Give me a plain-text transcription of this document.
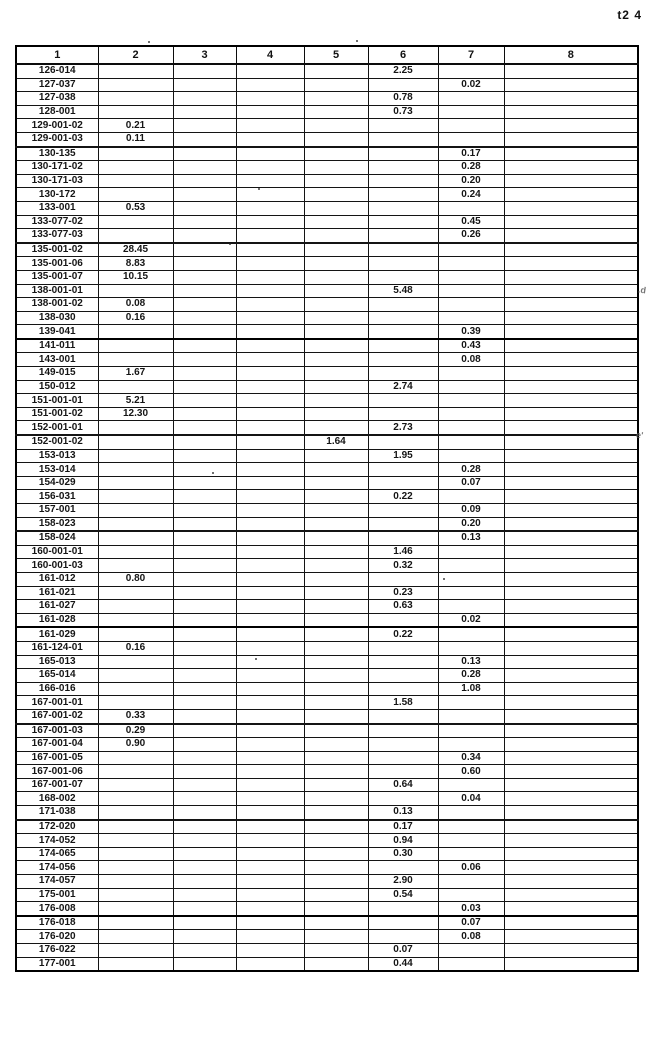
t2 4
1	2	3	4	5	6	7	8
126-014					2.25		
127-037						0.02	
127-038					0.78		
128-001					0.73		
129-001-02	0.21						
129-001-03	0.11						
130-135						0.17	
130-171-02						0.28	
130-171-03						0.20	
130-172						0.24	
133-001	0.53						
133-077-02						0.45	
133-077-03						0.26	
135-001-02	28.45						
135-001-06	8.83						
135-001-07	10.15						
138-001-01					5.48		
138-001-02	0.08						
138-030	0.16						
139-041						0.39	
141-011						0.43	
143-001						0.08	
149-015	1.67						
150-012					2.74		
151-001-01	5.21						
151-001-02	12.30						
152-001-01					2.73		
152-001-02				1.64			
153-013					1.95		
153-014						0.28	
154-029						0.07	
156-031					0.22		
157-001						0.09	
158-023						0.20	
158-024						0.13	
160-001-01					1.46		
160-001-03					0.32		
161-012	0.80						
161-021					0.23		
161-027					0.63		
161-028						0.02	
161-029					0.22		
161-124-01	0.16						
165-013						0.13	
165-014						0.28	
166-016						1.08	
167-001-01					1.58		
167-001-02	0.33						
167-001-03	0.29						
167-001-04	0.90						
167-001-05						0.34	
167-001-06						0.60	
167-001-07					0.64		
168-002						0.04	
171-038					0.13		
172-020					0.17		
174-052					0.94		
174-065					0.30		
174-056						0.06	
174-057					2.90		
175-001					0.54		
176-008						0.03	
176-018						0.07	
176-020						0.08	
176-022					0.07		
177-001					0.44		
.d
e'
